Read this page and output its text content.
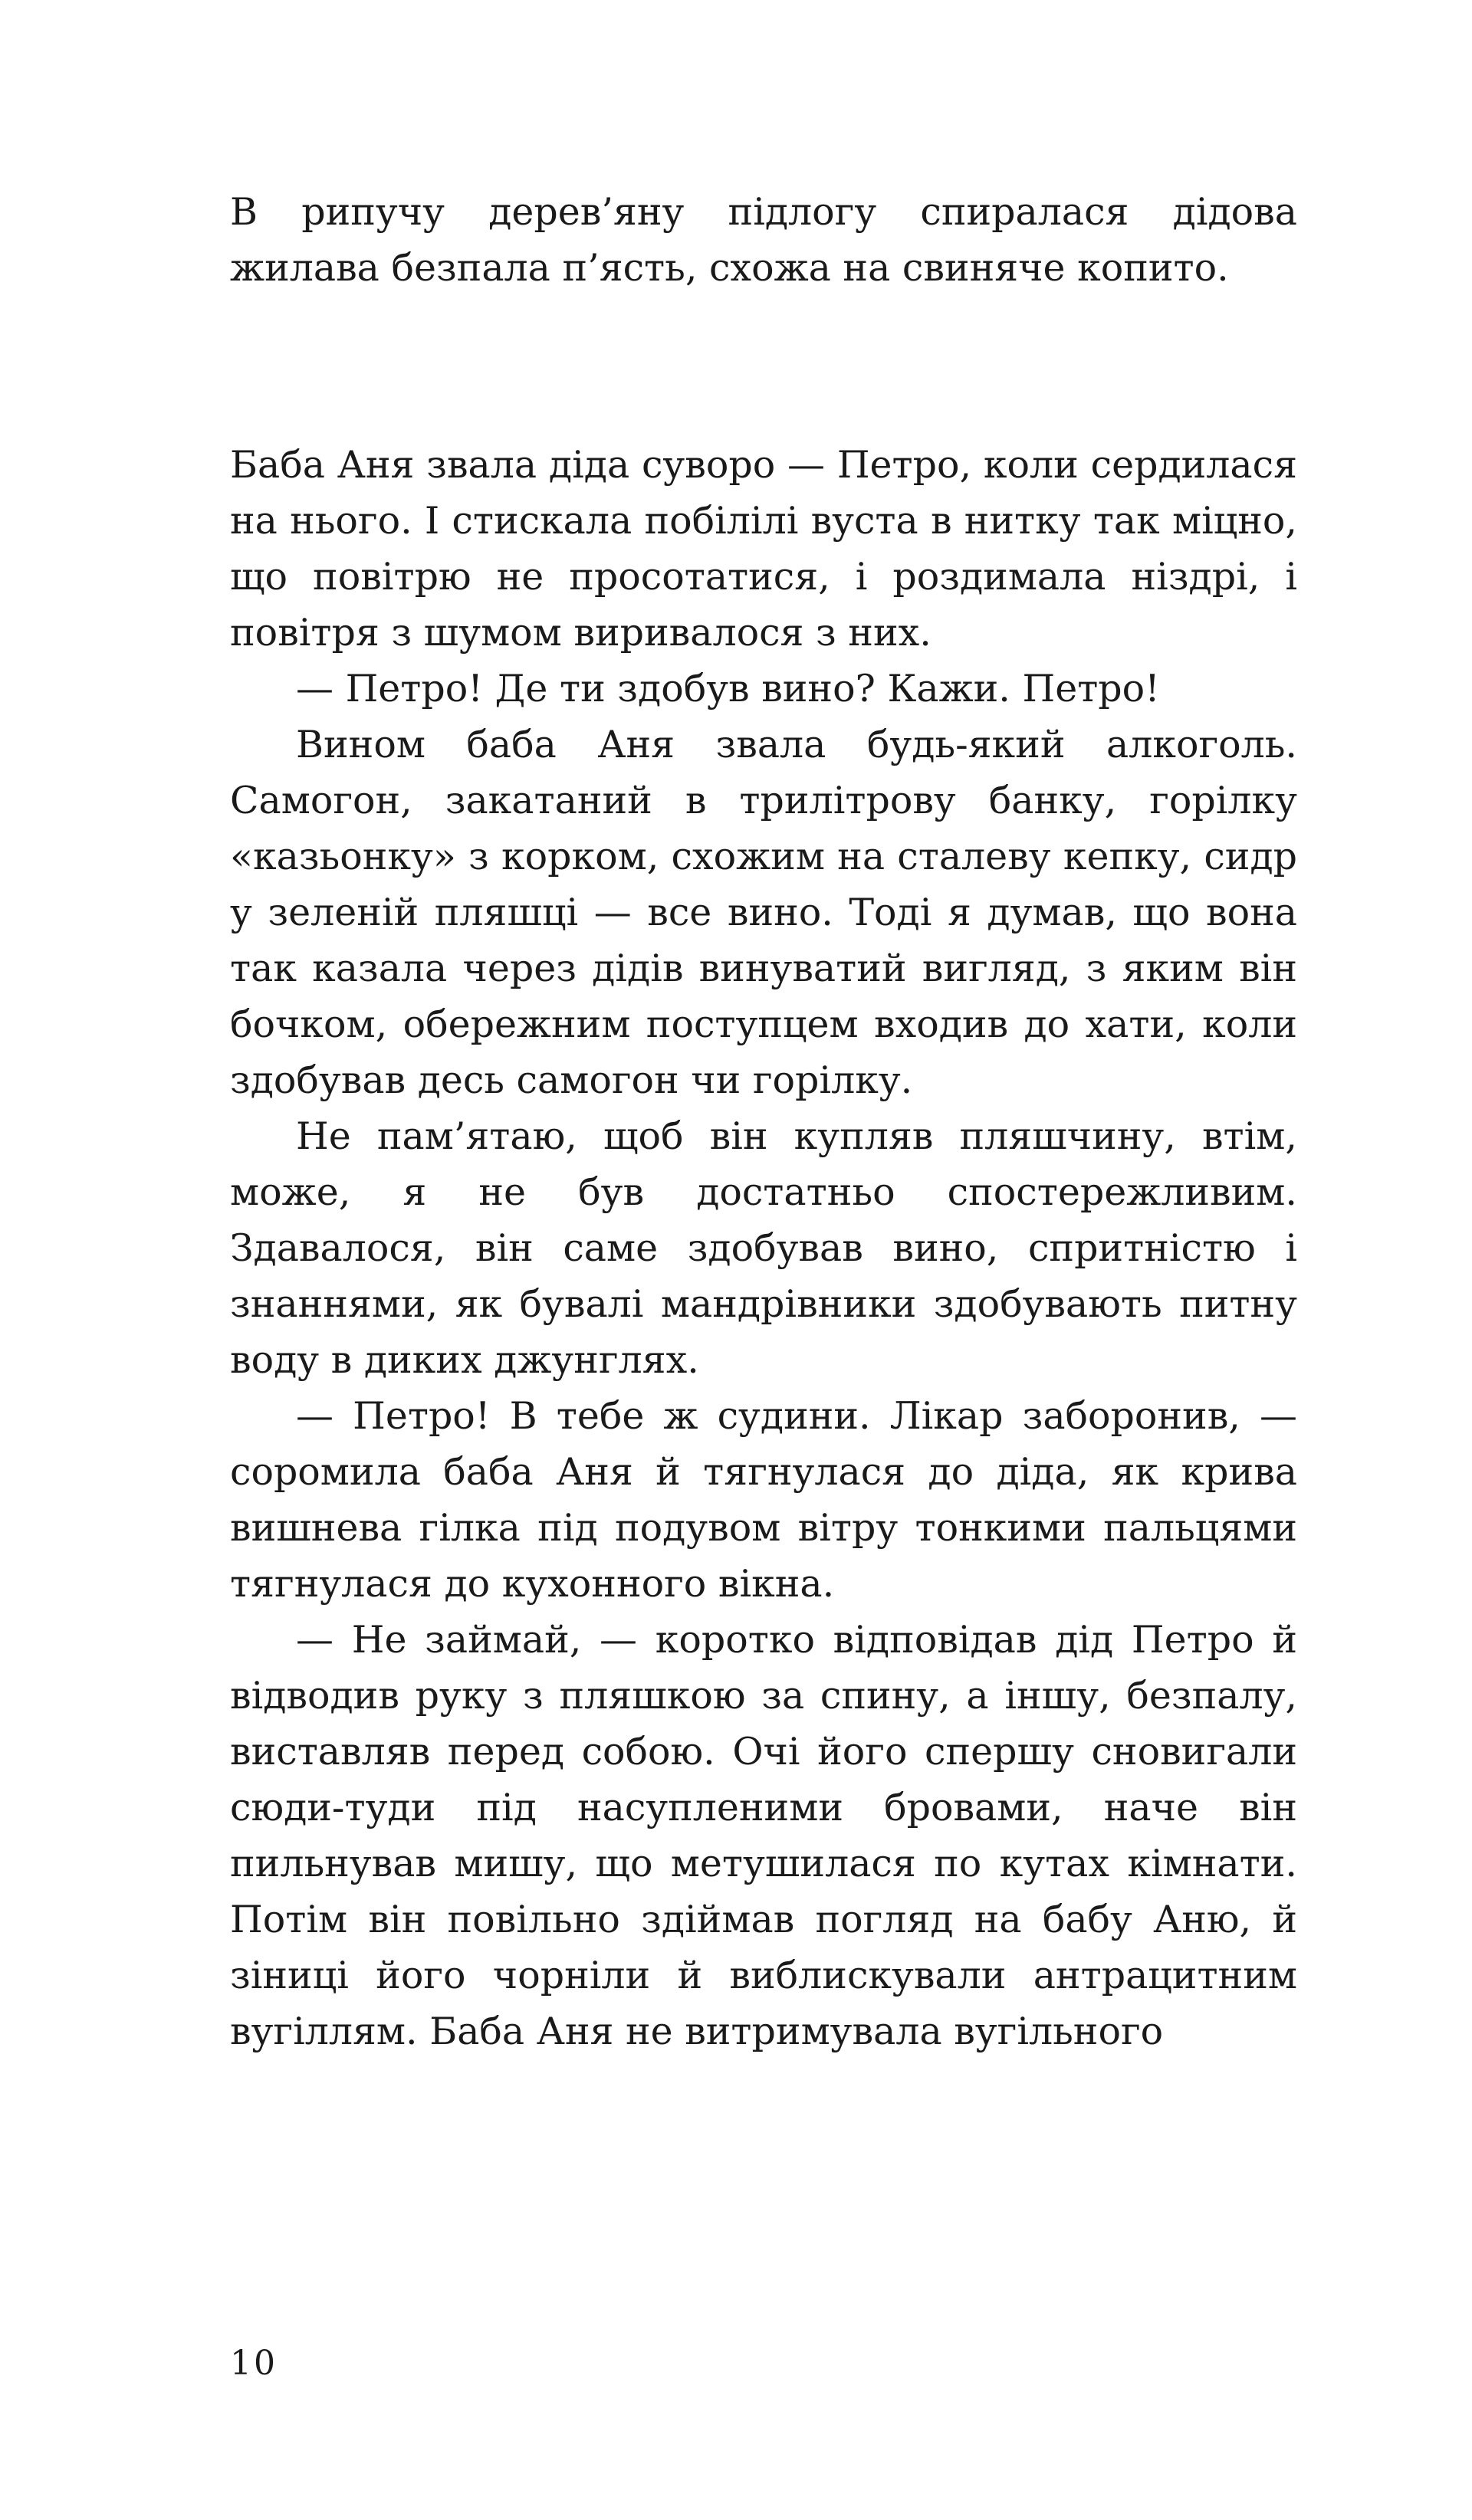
В рипучу дерев’яну підлогу спиралася дідова жилава безпала п’ясть, схожа на свиняче копито.

Баба Аня звала діда суворо — Петро, коли сердилася на нього. І стискала побілілі вуста в нитку так міцно, що повітрю не просотатися, і роздимала ніздрі, і повітря з шумом виривалося з них.

— Петро! Де ти здобув вино? Кажи. Петро!

Вином баба Аня звала будь-який алкоголь. Самогон, закатаний в трилітрову банку, горілку «казьонку» з корком, схожим на сталеву кепку, сидр у зеленій пляшці — все вино. Тоді я думав, що вона так казала через дідів винуватий вигляд, з яким він бочком, обережним поступцем входив до хати, коли здобував десь самогон чи горілку.

Не пам’ятаю, щоб він купляв пляшчину, втім, може, я не був достатньо спостережливим. Здавалося, він саме здобував вино, спритністю і знаннями, як бувалі мандрівники здобувають питну воду в диких джунглях.

— Петро! В тебе ж судини. Лікар заборонив, — соромила баба Аня й тягнулася до діда, як крива вишнева гілка під подувом вітру тонкими пальцями тягнулася до кухонного вікна.

— Не займай, — коротко відповідав дід Петро й відводив руку з пляшкою за спину, а іншу, безпалу, виставляв перед собою. Очі його спершу сновигали сюди-туди під насупленими бровами, наче він пильнував мишу, що метушилася по кутах кімнати. Потім він повільно здіймав погляд на бабу Аню, й зіниці його чорніли й виблискували антрацитним вугіллям. Баба Аня не витримувала вугільного

10
